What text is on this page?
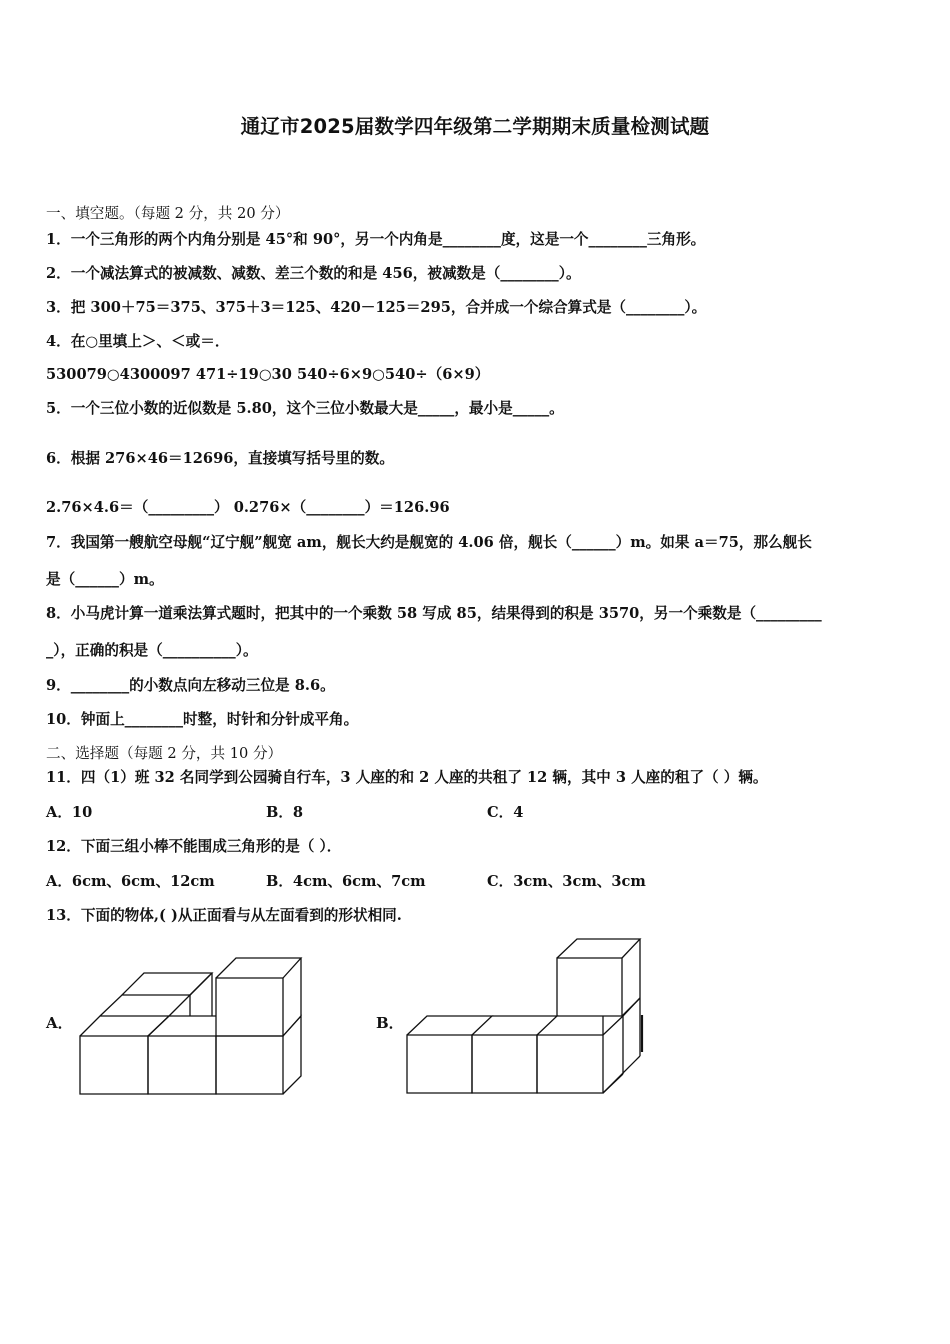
通辽市2025届数学四年级第二学期期末质量检测试题
一、填空题。（每题 2 分，共 20 分）
1．一个三角形的两个内角分别是 45°和 90°，另一个内角是________度，这是一个________三角形。
2．一个减法算式的被减数、减数、差三个数的和是 456，被减数是（________）。
3．把 300＋75＝375、375＋3＝125、420－125＝295，合并成一个综合算式是（________）。
4．在○里填上＞、＜或＝．
530079○4300097 471÷19○30 540÷6×9○540÷（6×9）
5．一个三位小数的近似数是 5.80，这个三位小数最大是_____，最小是_____。
6．根据 276×46＝12696，直接填写括号里的数。
2.76×4.6＝（_________） 0.276×（________）＝126.96
7．我国第一艘航空母舰“辽宁舰”舰宽 am，舰长大约是舰宽的 4.06 倍，舰长（______）m。如果 a＝75，那么舰长
是（______）m。
8．小马虎计算一道乘法算式题时，把其中的一个乘数 58 写成 85，结果得到的积是 3570，另一个乘数是（_________
_），正确的积是（__________）。
9．________的小数点向左移动三位是 8.6。
10．钟面上________时整，时针和分针成平角。
二、选择题（每题 2 分，共 10 分）
11．四（1）班 32 名同学到公园骑自行车，3 人座的和 2 人座的共租了 12 辆，其中 3 人座的租了（ ）辆。
A．10	B．8	C．4
12．下面三组小棒不能围成三角形的是（ ）．
A．6cm、6cm、12cm	B．4cm、6cm、7cm	C．3cm、3cm、3cm
13．下面的物体,( )从正面看与从左面看到的形状相同.
A．	B．
